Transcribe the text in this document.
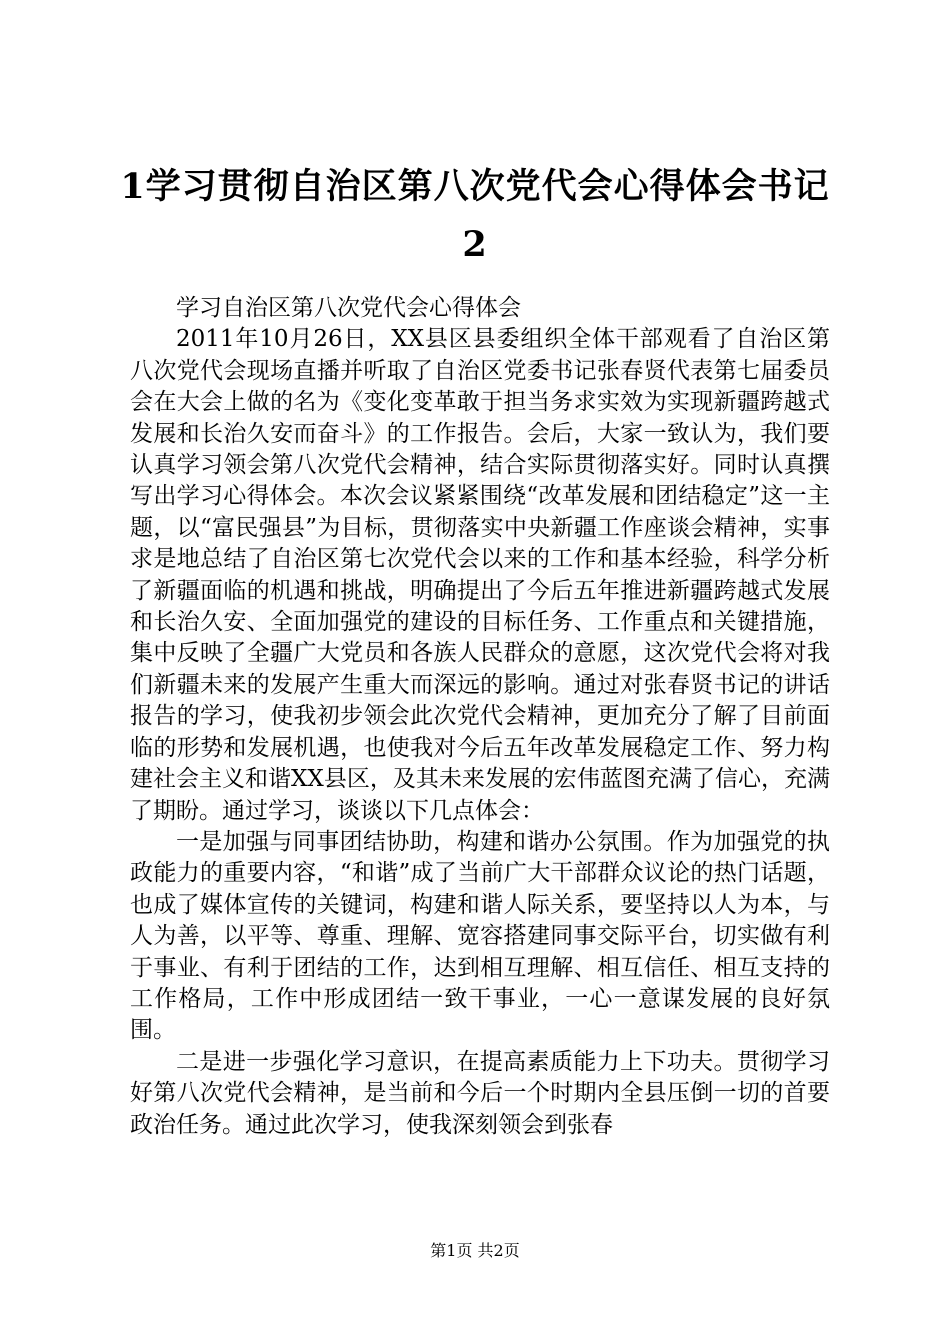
1学习贯彻自治区第八次党代会心得体会书记2

学习自治区第八次党代会心得体会

2011年10月26日，XX县区县委组织全体干部观看了自治区第八次党代会现场直播并听取了自治区党委书记张春贤代表第七届委员会在大会上做的名为《变化变革敢于担当务求实效为实现新疆跨越式发展和长治久安而奋斗》的工作报告。会后，大家一致认为，我们要认真学习领会第八次党代会精神，结合实际贯彻落实好。同时认真撰写出学习心得体会。本次会议紧紧围绕“改革发展和团结稳定”这一主题，以“富民强县”为目标，贯彻落实中央新疆工作座谈会精神，实事求是地总结了自治区第七次党代会以来的工作和基本经验，科学分析了新疆面临的机遇和挑战，明确提出了今后五年推进新疆跨越式发展和长治久安、全面加强党的建设的目标任务、工作重点和关键措施，集中反映了全疆广大党员和各族人民群众的意愿，这次党代会将对我们新疆未来的发展产生重大而深远的影响。通过对张春贤书记的讲话报告的学习，使我初步领会此次党代会精神，更加充分了解了目前面临的形势和发展机遇，也使我对今后五年改革发展稳定工作、努力构建社会主义和谐XX县区，及其未来发展的宏伟蓝图充满了信心，充满了期盼。通过学习，谈谈以下几点体会：

一是加强与同事团结协助，构建和谐办公氛围。作为加强党的执政能力的重要内容，“和谐”成了当前广大干部群众议论的热门话题，也成了媒体宣传的关键词，构建和谐人际关系，要坚持以人为本，与人为善，以平等、尊重、理解、宽容搭建同事交际平台，切实做有利于事业、有利于团结的工作，达到相互理解、相互信任、相互支持的工作格局，工作中形成团结一致干事业，一心一意谋发展的良好氛围。

二是进一步强化学习意识，在提高素质能力上下功夫。贯彻学习好第八次党代会精神，是当前和今后一个时期内全县压倒一切的首要政治任务。通过此次学习，使我深刻领会到张春

第1页 共2页
